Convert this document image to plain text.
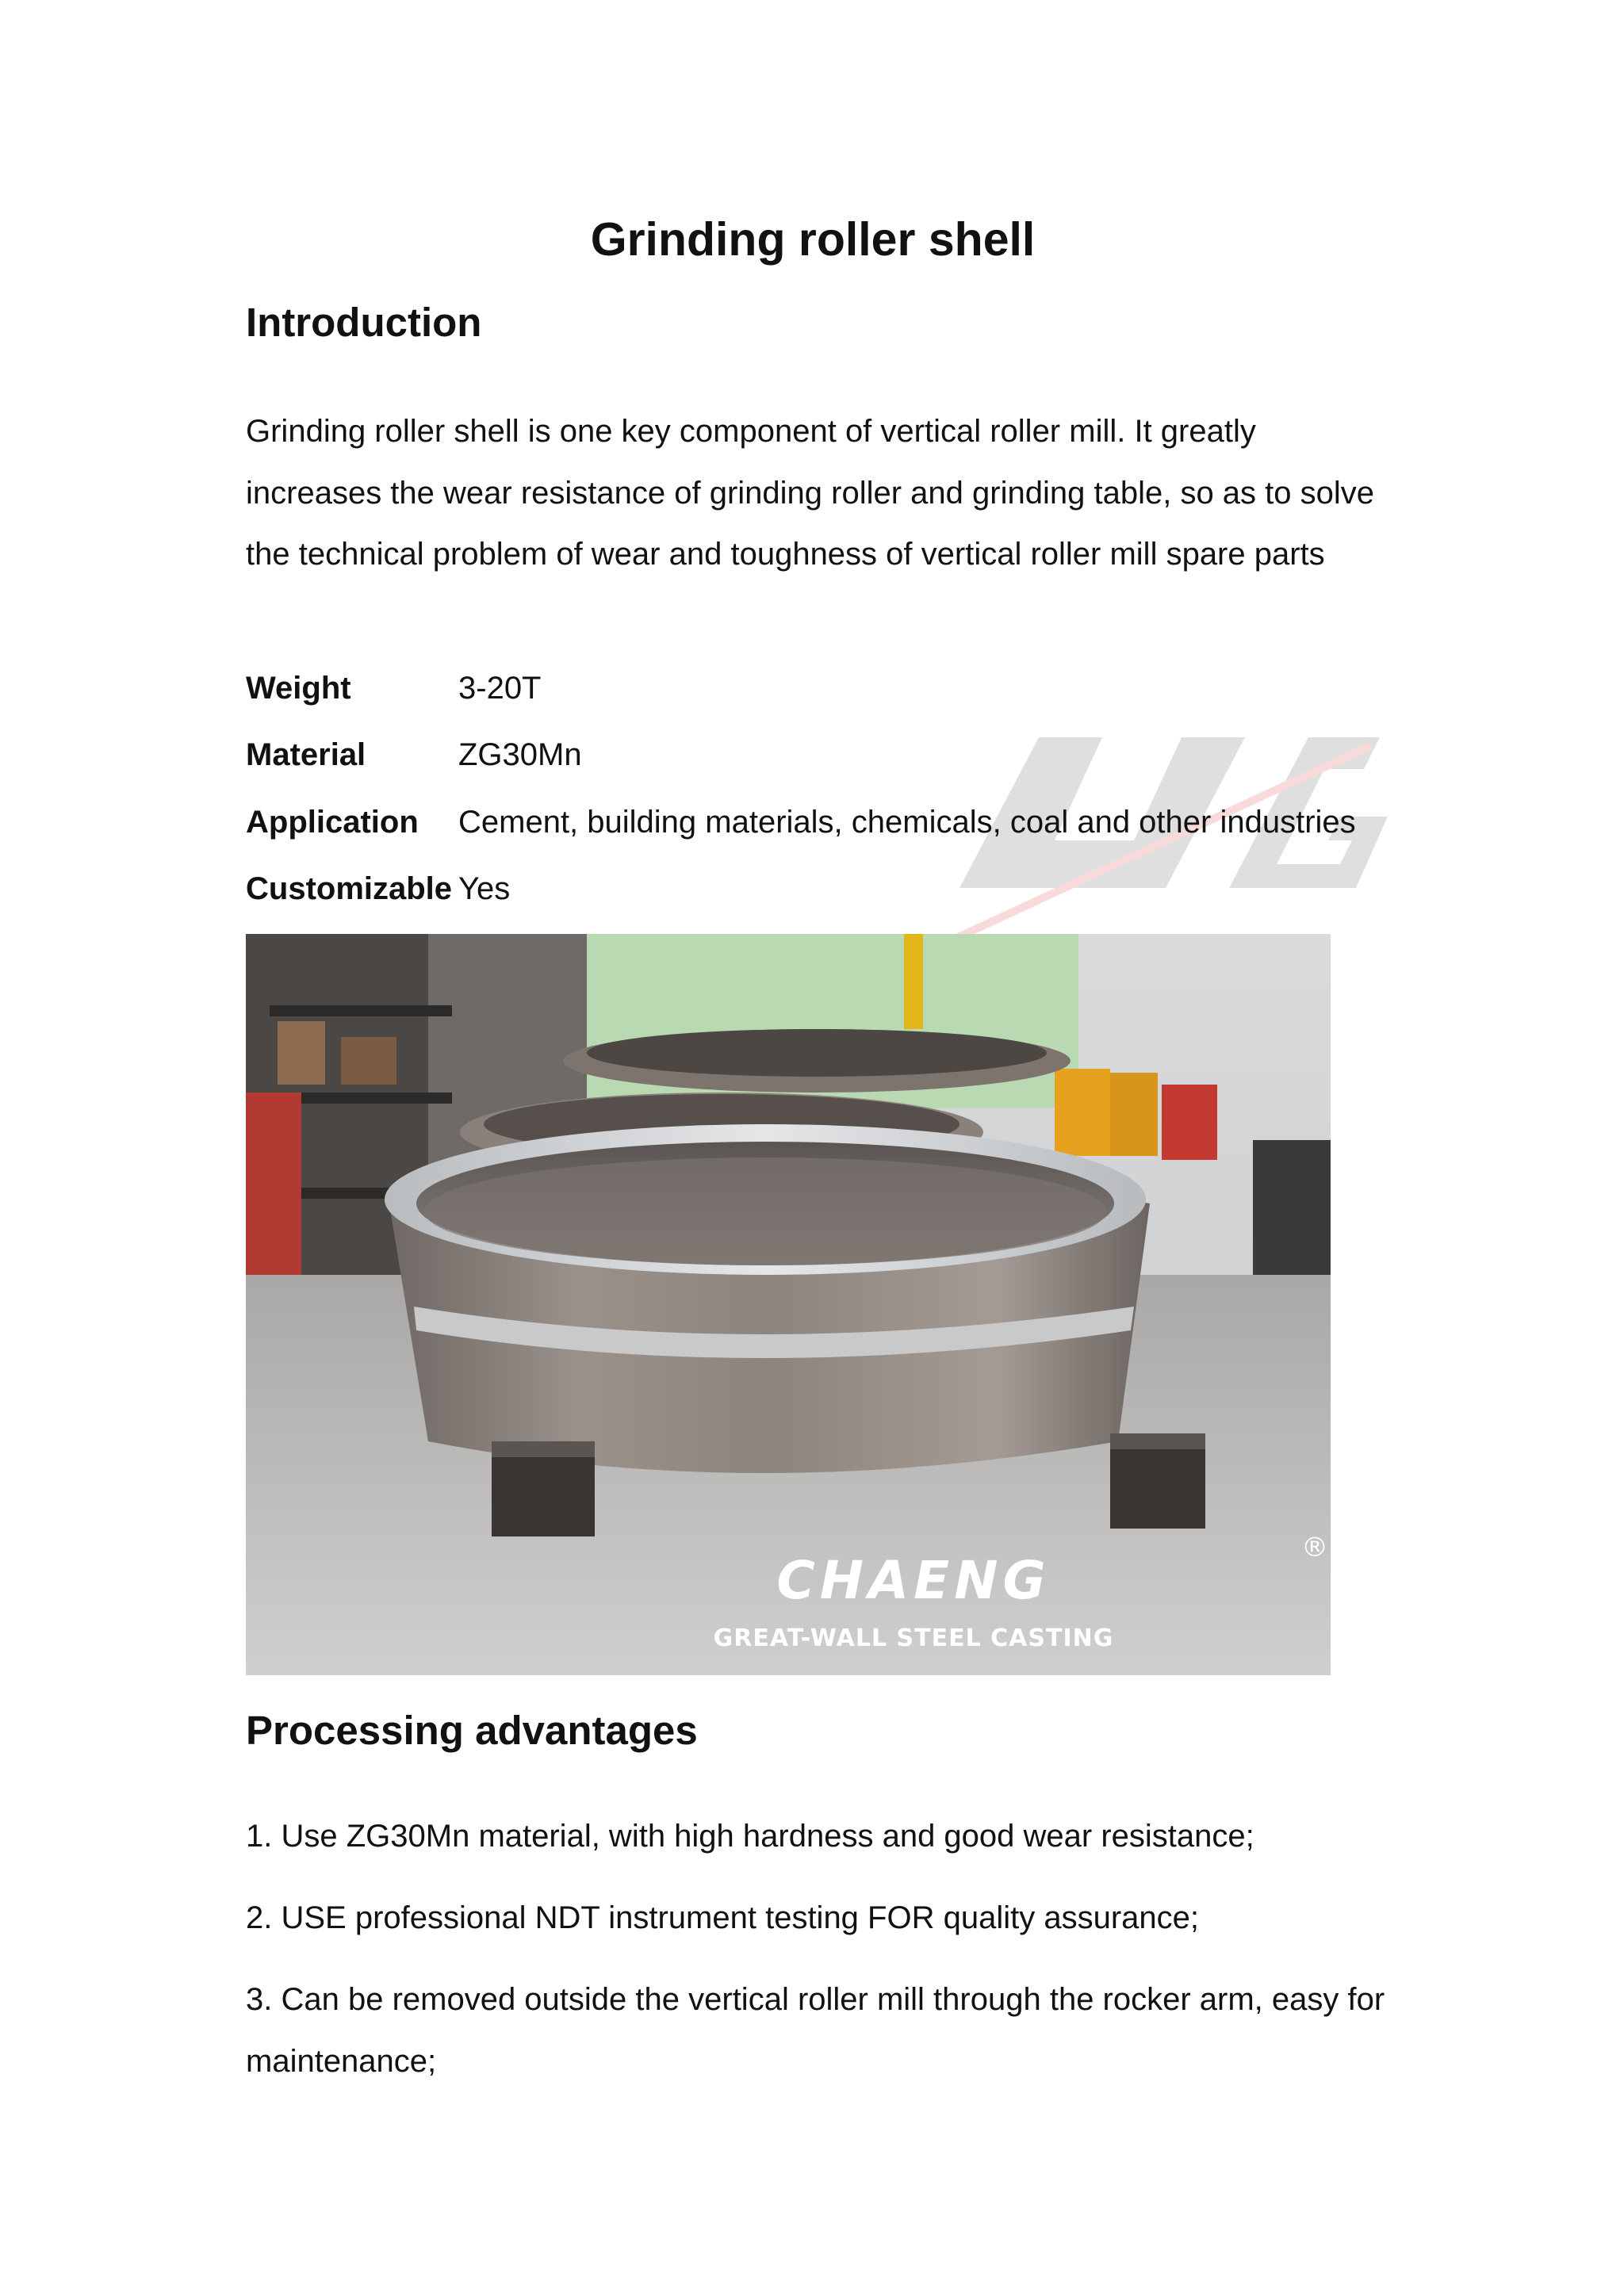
Grinding roller shell
Introduction

Grinding roller shell is one key component of vertical roller mill. It greatly increases the wear resistance of grinding roller and grinding table, so as to solve the technical problem of wear and toughness of vertical roller mill spare parts

Weight	3-20T
Material	ZG30Mn
Application	Cement, building materials, chemicals, coal and other industries
Customizable Yes
CHAENG
®
GREAT-WALL STEEL CASTING
Processing advantages

1. Use ZG30Mn material, with high hardness and good wear resistance;

2. USE professional NDT instrument testing FOR quality assurance;

3. Can be removed outside the vertical roller mill through the rocker arm, easy for maintenance;
